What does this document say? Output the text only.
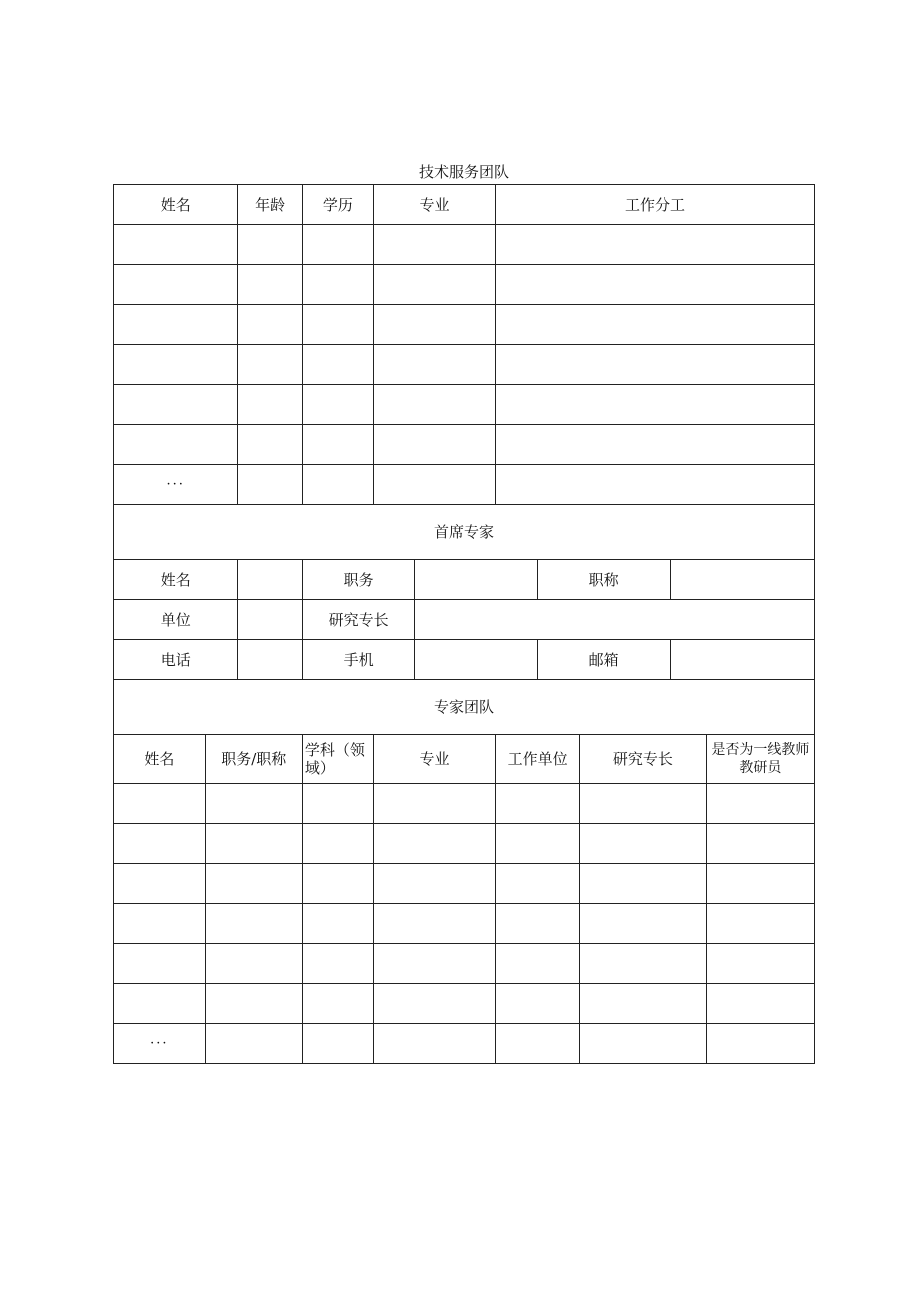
技术服务团队
姓名		年龄	学历	专业		工作分工				

···										
首席专家										
姓名			职务				职称			
单位			研究专长							
电话			手机				邮箱			
专家团队										
姓名	职务/职称		学科（领域）	专业		工作单位		研究专长		是否为一线教师教研员

···										
